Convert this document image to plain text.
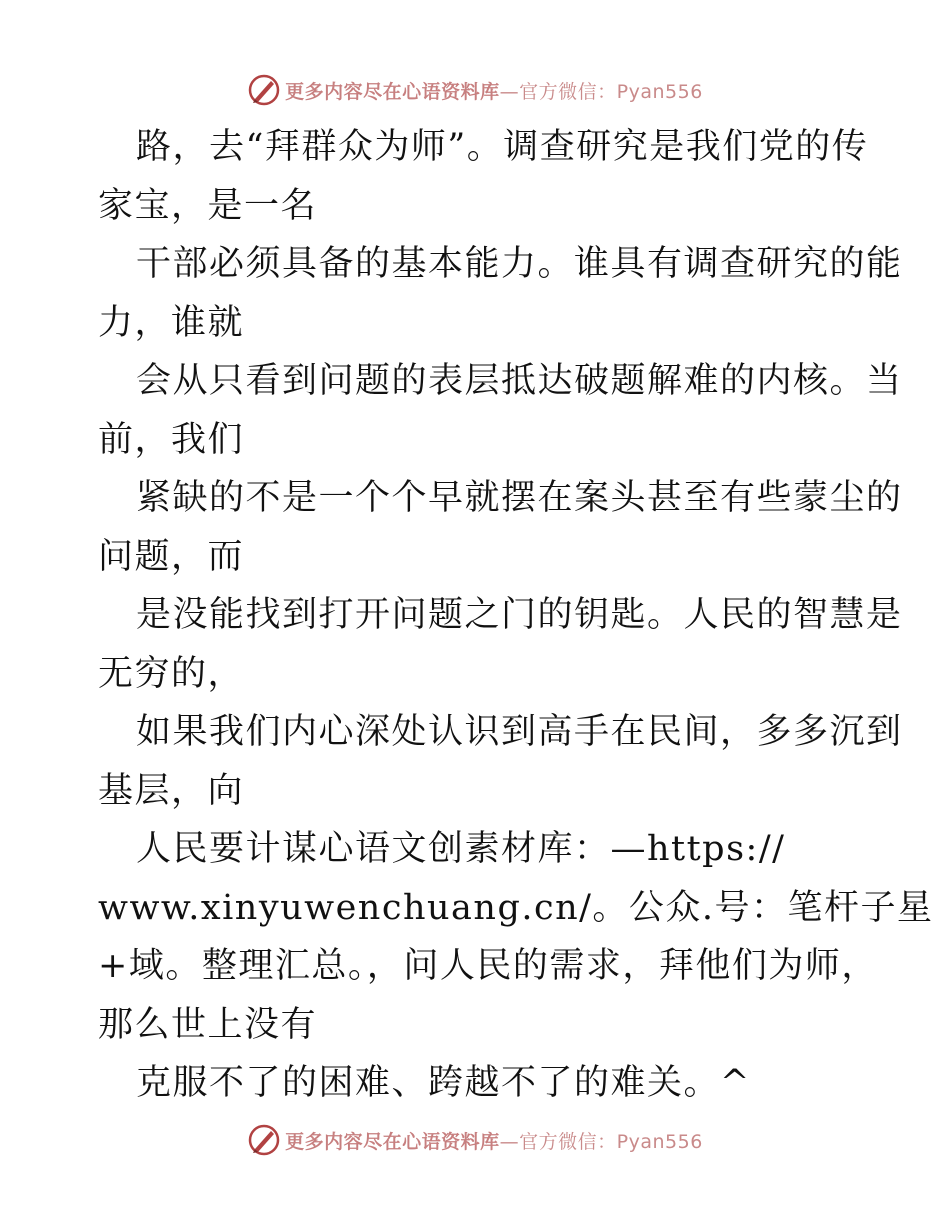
更多内容尽在心语资料库—官方微信：Pyan556
路，去“拜群众为师”。调查研究是我们党的传
家宝，是一名
干部必须具备的基本能力。谁具有调查研究的能
力，谁就
会从只看到问题的表层抵达破题解难的内核。当
前，我们
紧缺的不是一个个早就摆在案头甚至有些蒙尘的
问题，而
是没能找到打开问题之门的钥匙。人民的智慧是
无穷的，
如果我们内心深处认识到高手在民间，多多沉到
基层，向
人民要计谋心语文创素材库：—https://
www.xinyuwenchuang.cn/。公众.号：笔杆子星
+域。整理汇总。，问人民的需求，拜他们为师，
那么世上没有
克服不了的困难、跨越不了的难关。^
更多内容尽在心语资料库—官方微信：Pyan556
